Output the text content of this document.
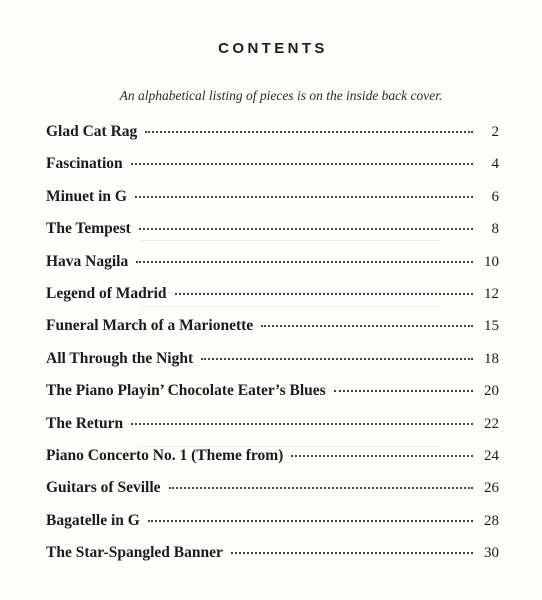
CONTENTS
An alphabetical listing of pieces is on the inside back cover.
Glad Cat Rag	2
Fascination	4
Minuet in G	6
The Tempest	8
Hava Nagila	10
Legend of Madrid	12
Funeral March of a Marionette	15
All Through the Night	18
The Piano Playin’ Chocolate Eater’s Blues	20
The Return	22
Piano Concerto No. 1 (Theme from)	24
Guitars of Seville	26
Bagatelle in G	28
The Star-Spangled Banner	30
